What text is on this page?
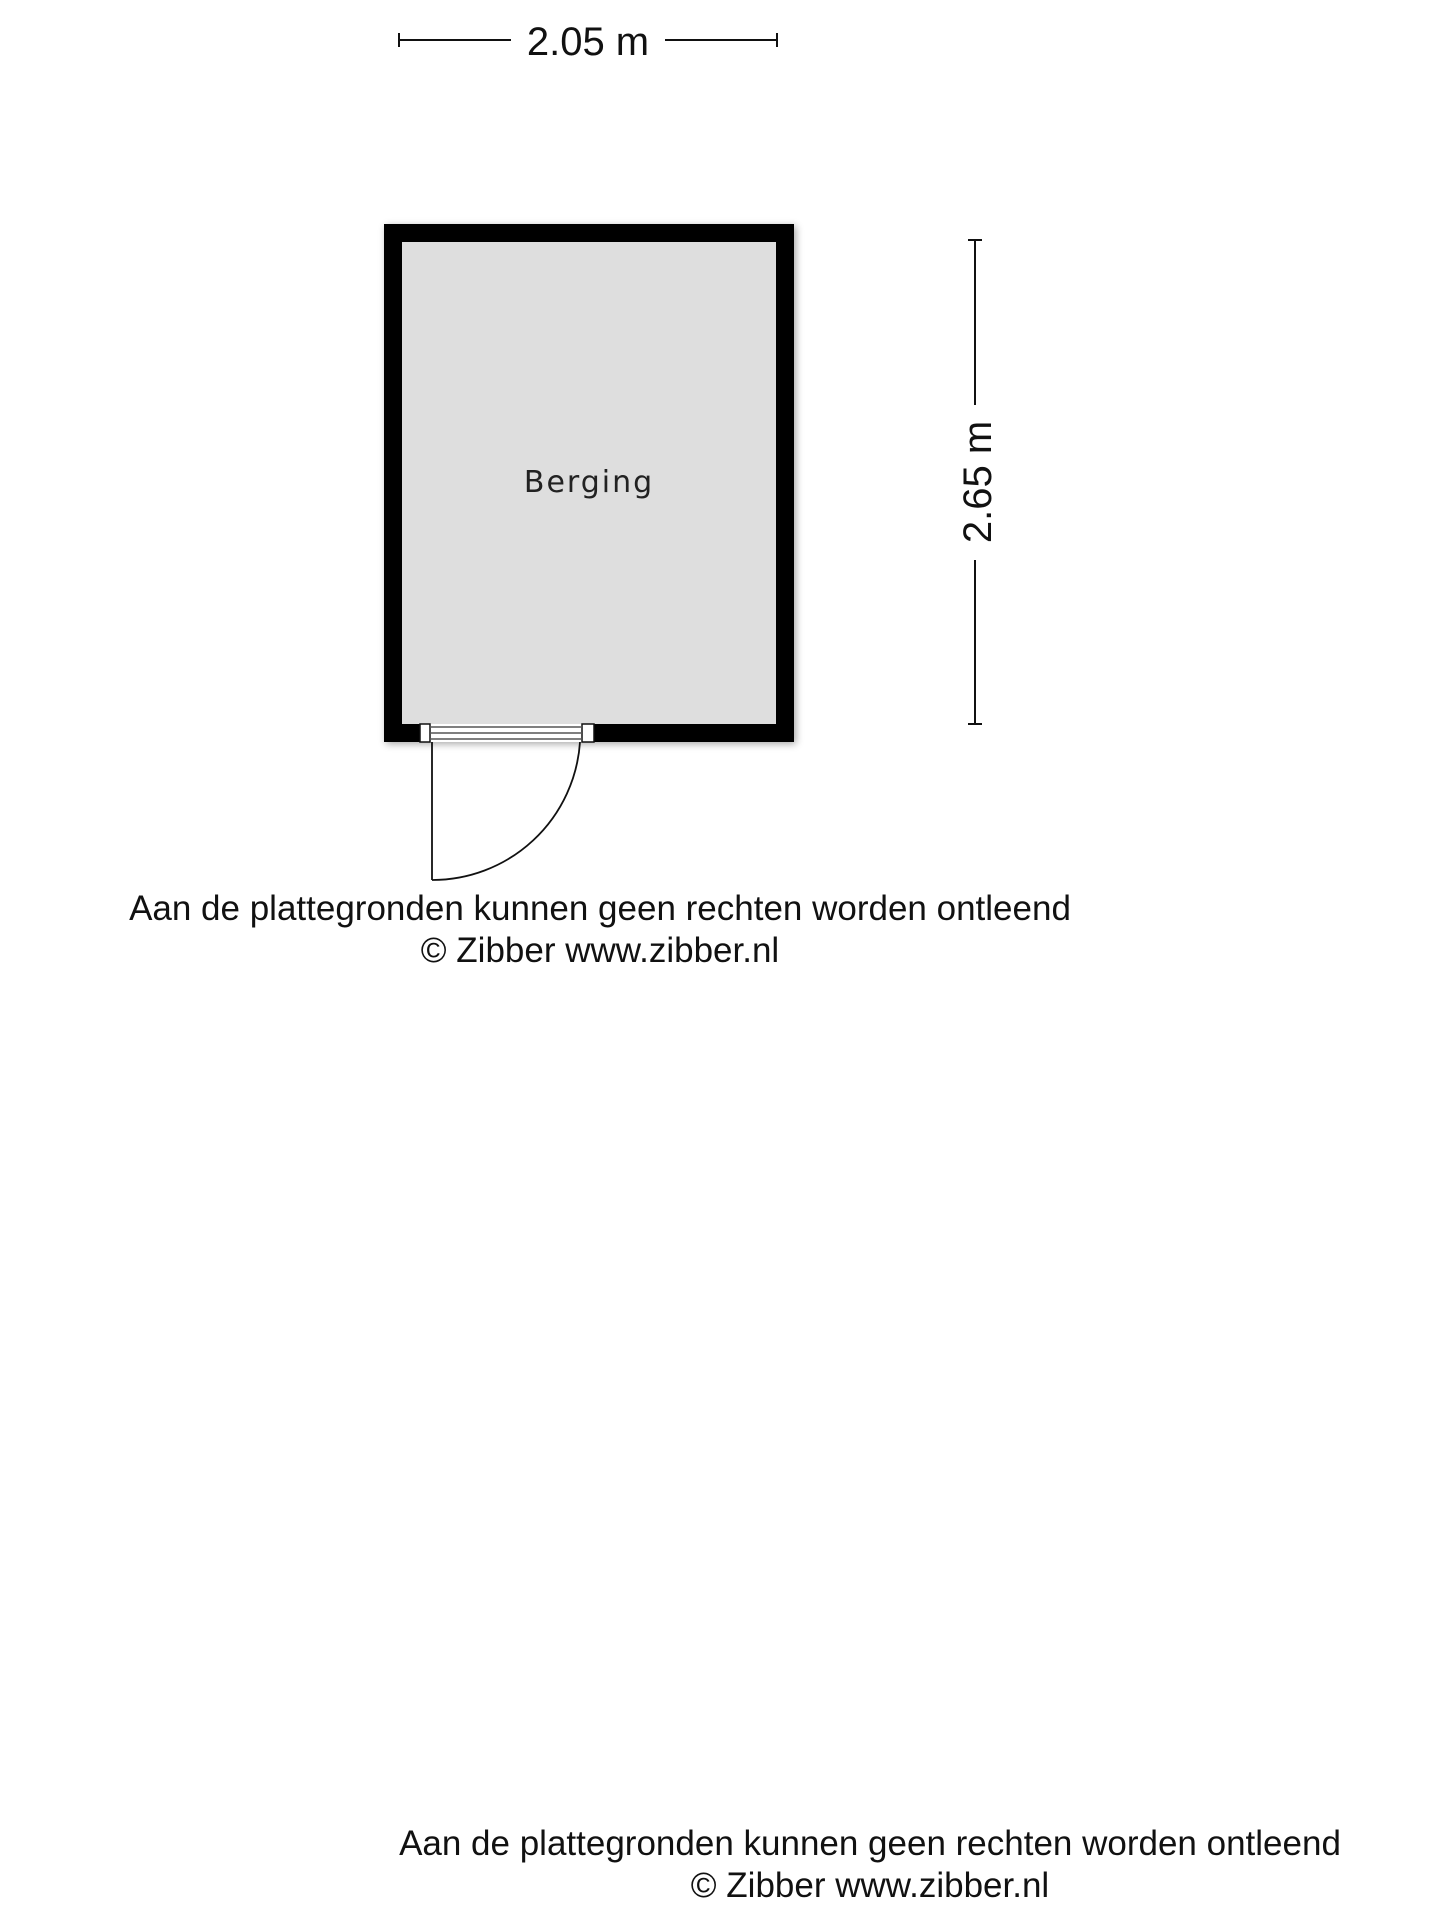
2.05 m
2.65 m
Berging
Aan de plattegronden kunnen geen rechten worden ontleend
© Zibber www.zibber.nl
Aan de plattegronden kunnen geen rechten worden ontleend
© Zibber www.zibber.nl
